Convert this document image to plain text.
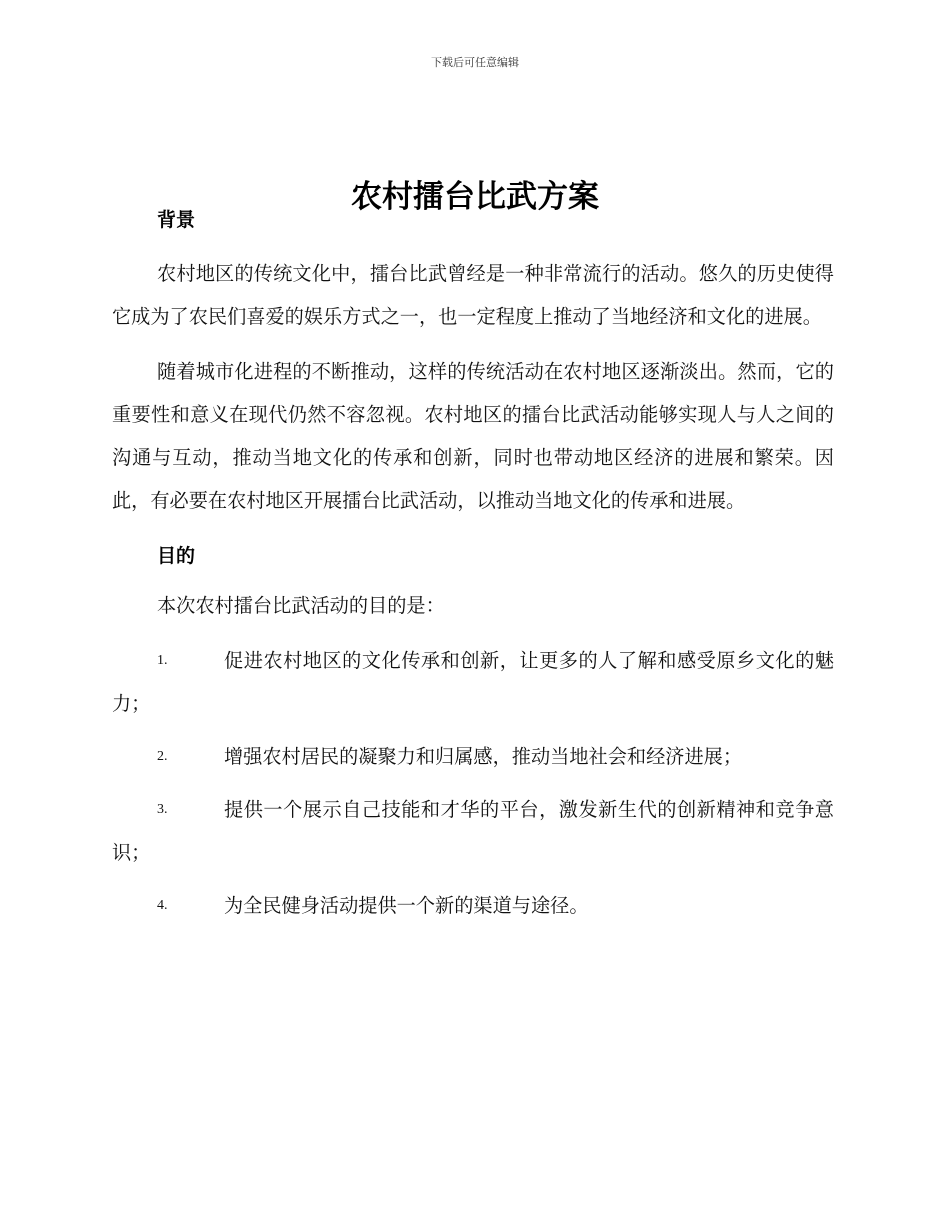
下载后可任意编辑
农村擂台比武方案
背景

农村地区的传统文化中，擂台比武曾经是一种非常流行的活动。悠久的历史使得它成为了农民们喜爱的娱乐方式之一，也一定程度上推动了当地经济和文化的进展。

随着城市化进程的不断推动，这样的传统活动在农村地区逐渐淡出。然而，它的重要性和意义在现代仍然不容忽视。农村地区的擂台比武活动能够实现人与人之间的沟通与互动，推动当地文化的传承和创新，同时也带动地区经济的进展和繁荣。因此，有必要在农村地区开展擂台比武活动，以推动当地文化的传承和进展。

目的

本次农村擂台比武活动的目的是：

1.	促进农村地区的文化传承和创新，让更多的人了解和感受原乡文化的魅力；
2.	增强农村居民的凝聚力和归属感，推动当地社会和经济进展；
3.	提供一个展示自己技能和才华的平台，激发新生代的创新精神和竞争意识；
4.	为全民健身活动提供一个新的渠道与途径。
